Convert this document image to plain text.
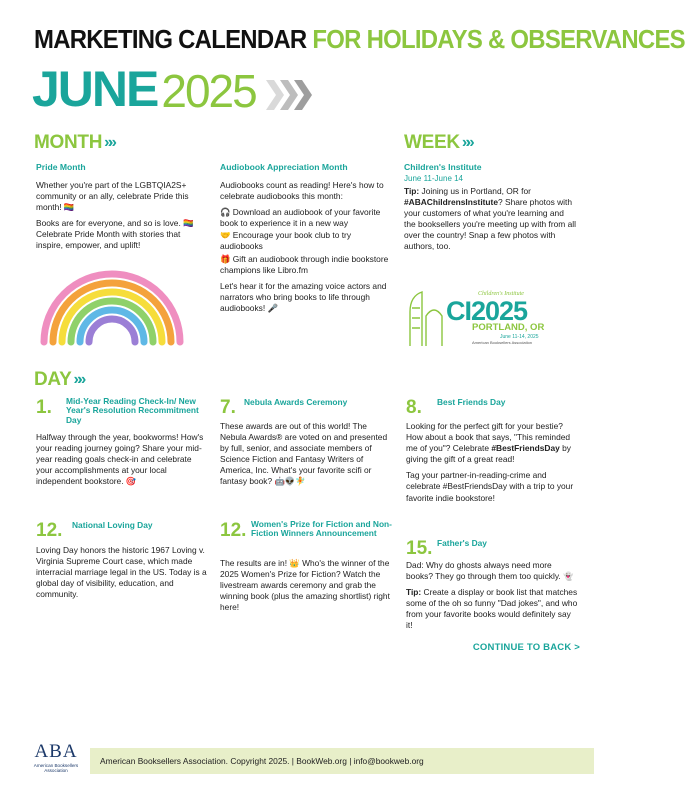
MARKETING CALENDAR FOR HOLIDAYS & OBSERVANCES
JUNE 2025
MONTH »»
Pride Month

Whether you're part of the LGBTQIA2S+ community or an ally, celebrate Pride this month! 🏳️‍🌈

Books are for everyone, and so is love. 🏳️‍🌈 Celebrate Pride Month with stories that inspire, empower, and uplift!

Audiobook Appreciation Month

Audiobooks count as reading! Here's how to celebrate audiobooks this month:

🎧 Download an audiobook of your favorite book to experience it in a new way

🤝 Encourage your book club to try audiobooks

🎁 Gift an audiobook through indie bookstore champions like Libro.fm

Let's hear it for the amazing voice actors and narrators who bring books to life through audiobooks! 🎤

WEEK »»
Children's Institute
June 11-June 14

Tip: Joining us in Portland, OR for #ABAChildrensInstitute? Share photos with your customers of what you're learning and the booksellers you're meeting up with from all over the country! Snap a few photos with authors, too.

Children's Institute
CI2025
PORTLAND, OR
June 11-14, 2025
American Booksellers Association
DAY »»
1. Mid-Year Reading Check-In/ New Year's Resolution Recommitment Day
Halfway through the year, bookworms! How's your reading journey going? Share your mid-year reading goals check-in and celebrate your accomplishments at your local independent bookstore. 🎯
12. National Loving Day
Loving Day honors the historic 1967 Loving v. Virginia Supreme Court case, which made interracial marriage legal in the US. Today is a global day of visibility, education, and community.
7. Nebula Awards Ceremony
These awards are out of this world! The Nebula Awards® are voted on and presented by full, senior, and associate members of Science Fiction and Fantasy Writers of America, Inc. What's your favorite scifi or fantasy book? 🤖👽🧚
12. Women's Prize for Fiction and Non-Fiction Winners Announcement
The results are in! 👑 Who's the winner of the 2025 Women's Prize for Fiction? Watch the livestream awards ceremony and grab the winning book (plus the amazing shortlist) right here!
8. Best Friends Day

Looking for the perfect gift for your bestie? How about a book that says, "This reminded me of you"? Celebrate #BestFriendsDay by giving the gift of a great read!

Tag your partner-in-reading-crime and celebrate #BestFriendsDay with a trip to your favorite indie bookstore!

15. Father's Day

Dad: Why do ghosts always need more books? They go through them too quickly. 👻

Tip: Create a display or book list that matches some of the oh so funny "Dad jokes", and who from your favorite books would definitely say it!

CONTINUE TO BACK >
ABA
American Booksellers Association
American Booksellers Association. Copyright 2025. | BookWeb.org | info@bookweb.org
